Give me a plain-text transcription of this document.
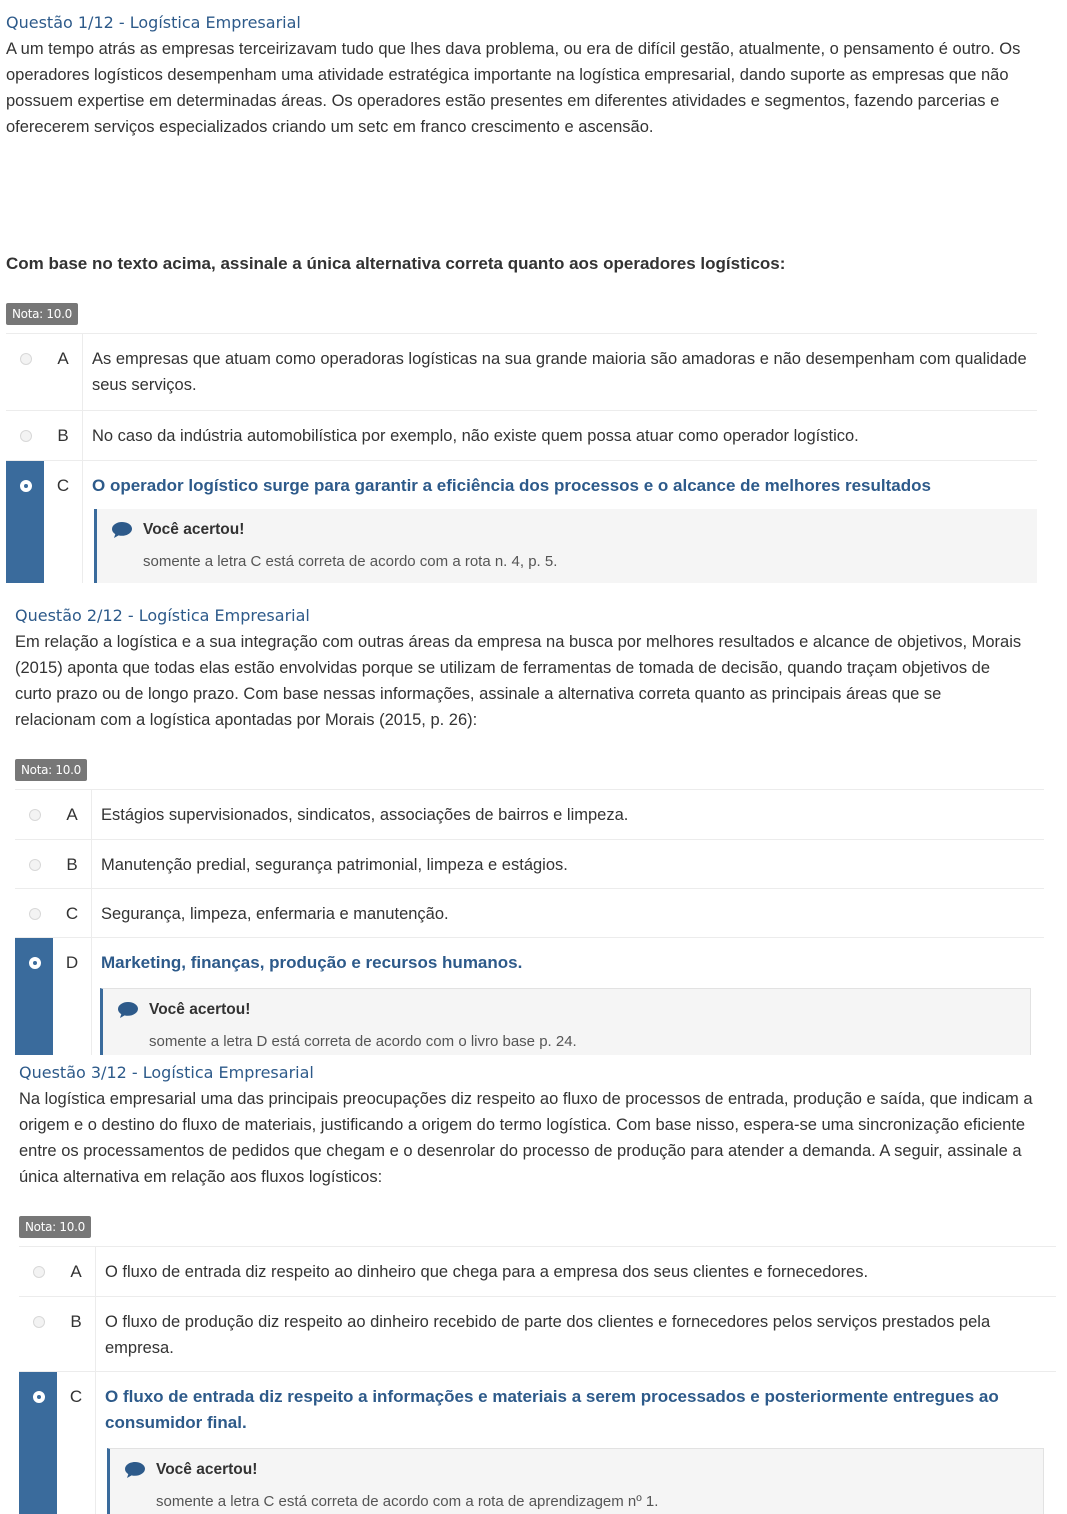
Questão 1/12 - Logística Empresarial

A um tempo atrás as empresas terceirizavam tudo que lhes dava problema, ou era de difícil gestão, atualmente, o pensamento é outro. Os operadores logísticos desempenham uma atividade estratégica importante na logística empresarial, dando suporte as empresas que não possuem expertise em determinadas áreas. Os operadores estão presentes em diferentes atividades e segmentos, fazendo parcerias e oferecerem serviços especializados criando um setc em franco crescimento e ascensão.

Com base no texto acima, assinale a única alternativa correta quanto aos operadores logísticos:
Nota: 10.0
A	As empresas que atuam como operadoras logísticas na sua grande maioria são amadoras e não desempenham com qualidade seus serviços.
B	No caso da indústria automobilística por exemplo, não existe quem possa atuar como operador logístico.
C	O operador logístico surge para garantir a eficiência dos processos e o alcance de melhores resultados
Você acertou!
somente a letra C está correta de acordo com a rota n. 4, p. 5.
Questão 2/12 - Logística Empresarial

Em relação a logística e a sua integração com outras áreas da empresa na busca por melhores resultados e alcance de objetivos, Morais (2015) aponta que todas elas estão envolvidas porque se utilizam de ferramentas de tomada de decisão, quando traçam objetivos de curto prazo ou de longo prazo. Com base nessas informações, assinale a alternativa correta quanto as principais áreas que se relacionam com a logística apontadas por Morais (2015, p. 26):

Nota: 10.0
A	Estágios supervisionados, sindicatos, associações de bairros e limpeza.
B	Manutenção predial, segurança patrimonial, limpeza e estágios.
C	Segurança, limpeza, enfermaria e manutenção.
D	Marketing, finanças, produção e recursos humanos.
Você acertou!
somente a letra D está correta de acordo com o livro base p. 24.
Questão 3/12 - Logística Empresarial

Na logística empresarial uma das principais preocupações diz respeito ao fluxo de processos de entrada, produção e saída, que indicam a origem e o destino do fluxo de materiais, justificando a origem do termo logística. Com base nisso, espera-se uma sincronização eficiente entre os processamentos de pedidos que chegam e o desenrolar do processo de produção para atender a demanda. A seguir, assinale a única alternativa em relação aos fluxos logísticos:

Nota: 10.0
A	O fluxo de entrada diz respeito ao dinheiro que chega para a empresa dos seus clientes e fornecedores.
B	O fluxo de produção diz respeito ao dinheiro recebido de parte dos clientes e fornecedores pelos serviços prestados pela empresa.
C	O fluxo de entrada diz respeito a informações e materiais a serem processados e posteriormente entregues ao consumidor final.
Você acertou!
somente a letra C está correta de acordo com a rota de aprendizagem nº 1.
